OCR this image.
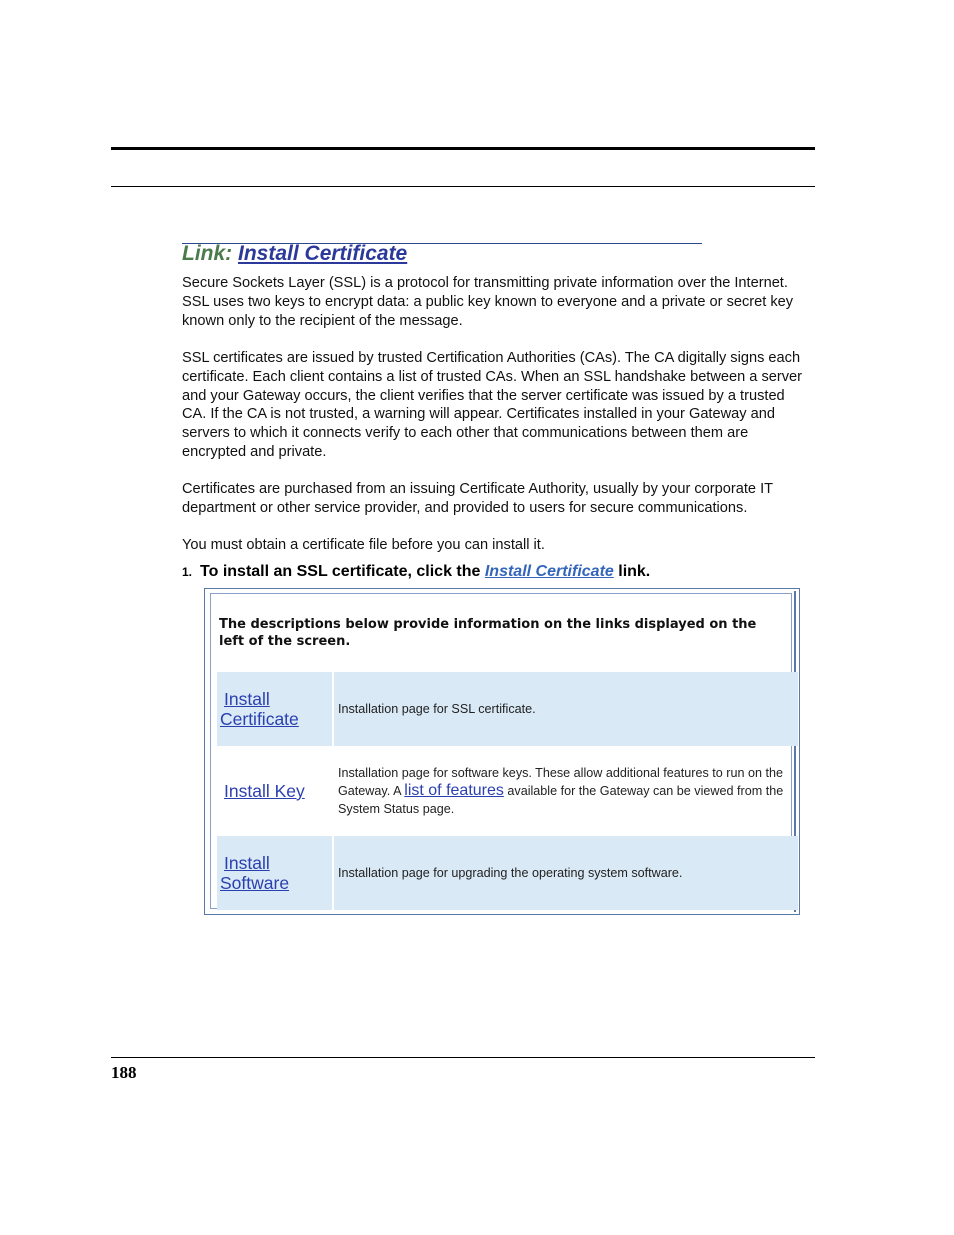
Link: Install Certificate

Secure Sockets Layer (SSL) is a protocol for transmitting private information over the Internet. SSL uses two keys to encrypt data: a public key known to everyone and a private or secret key known only to the recipient of the message.

SSL certificates are issued by trusted Certification Authorities (CAs). The CA digitally signs each certificate. Each client contains a list of trusted CAs. When an SSL handshake between a server and your Gateway occurs, the client verifies that the server certificate was issued by a trusted CA. If the CA is not trusted, a warning will appear. Certificates installed in your Gateway and servers to which it connects verify to each other that communications between them are encrypted and private.

Certificates are purchased from an issuing Certificate Authority, usually by your corporate IT department or other service provider, and provided to users for secure communications.

You must obtain a certificate file before you can install it.

1. To install an SSL certificate, click the Install Certificate link.

The descriptions below provide information on the links displayed on the left of the screen.

Install
Certificate	Installation page for SSL certificate.
Install Key
Installation page for software keys. These allow additional features to run on the Gateway. A list of features available for the Gateway can be viewed from the System Status page.
Install
Software	Installation page for upgrading the operating system software.

188
